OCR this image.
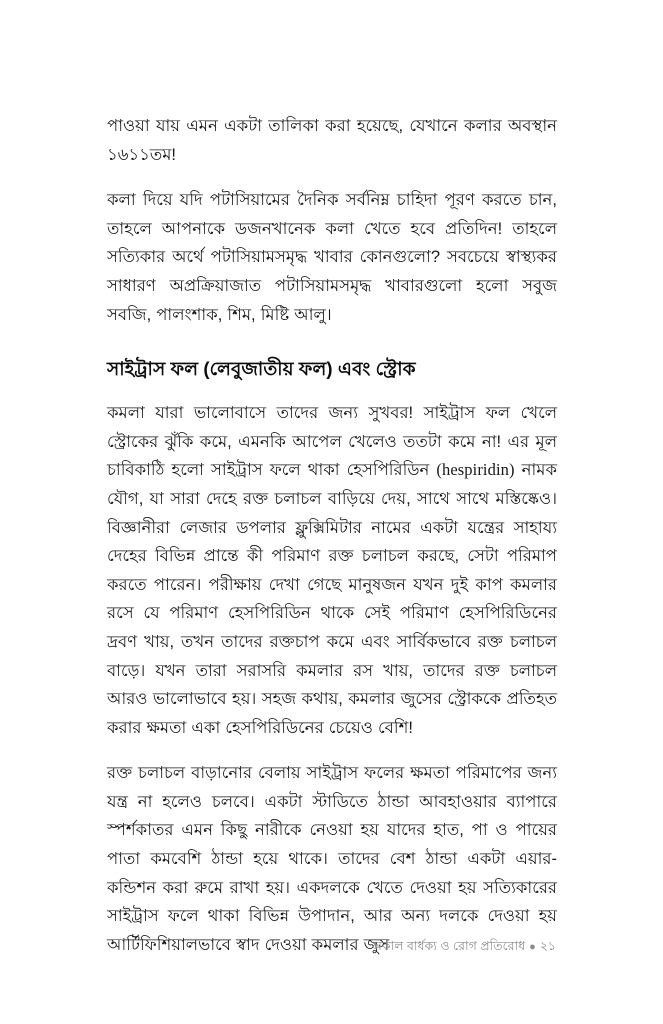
পাওয়া যায় এমন একটা তালিকা করা হয়েছে, যেখানে কলার অবস্থান ১৬১১তম!

কলা দিয়ে যদি পটাসিয়ামের দৈনিক সর্বনিম্ন চাহিদা পূরণ করতে চান, তাহলে আপনাকে ডজনখানেক কলা খেতে হবে প্রতিদিন! তাহলে সত্যিকার অর্থে পটাসিয়ামসমৃদ্ধ খাবার কোনগুলো? সবচেয়ে স্বাস্থ্যকর সাধারণ অপ্রক্রিয়াজাত পটাসিয়ামসমৃদ্ধ খাবারগুলো হলো সবুজ সবজি, পালংশাক, শিম, মিষ্টি আলু।

সাইট্রাস ফল (লেবুজাতীয় ফল) এবং স্ট্রোক

কমলা যারা ভালোবাসে তাদের জন্য সুখবর! সাইট্রাস ফল খেলে স্ট্রোকের ঝুঁকি কমে, এমনকি আপেল খেলেও ততটা কমে না! এর মূল চাবিকাঠি হলো সাইট্রাস ফলে থাকা হেসপিরিডিন (hespiridin) নামক যৌগ, যা সারা দেহে রক্ত চলাচল বাড়িয়ে দেয়, সাথে সাথে মস্তিষ্কেও। বিজ্ঞানীরা লেজার ডপলার ফ্লুক্সিমিটার নামের একটা যন্ত্রের সাহায্য দেহের বিভিন্ন প্রান্তে কী পরিমাণ রক্ত চলাচল করছে, সেটা পরিমাপ করতে পারেন। পরীক্ষায় দেখা গেছে মানুষজন যখন দুই কাপ কমলার রসে যে পরিমাণ হেসপিরিডিন থাকে সেই পরিমাণ হেসপিরিডিনের দ্রবণ খায়, তখন তাদের রক্তচাপ কমে এবং সার্বিকভাবে রক্ত চলাচল বাড়ে। যখন তারা সরাসরি কমলার রস খায়, তাদের রক্ত চলাচল আরও ভালোভাবে হয়। সহজ কথায়, কমলার জুসের স্ট্রোককে প্রতিহত করার ক্ষমতা একা হেসপিরিডিনের চেয়েও বেশি!

রক্ত চলাচল বাড়ানোর বেলায় সাইট্রাস ফলের ক্ষমতা পরিমাপের জন্য যন্ত্র না হলেও চলবে। একটা স্টাডিতে ঠান্ডা আবহাওয়ার ব্যাপারে স্পর্শকাতর এমন কিছু নারীকে নেওয়া হয় যাদের হাত, পা ও পায়ের পাতা কমবেশি ঠান্ডা হয়ে থাকে। তাদের বেশ ঠান্ডা একটা এয়ার-কন্ডিশন করা রুমে রাখা হয়। একদলকে খেতে দেওয়া হয় সত্যিকারের সাইট্রাস ফলে থাকা বিভিন্ন উপাদান, আর অন্য দলকে দেওয়া হয় আর্টিফিশিয়ালভাবে স্বাদ দেওয়া কমলার জুস

অকাল বার্ধক্য ও রোগ প্রতিরোধ ● ২১
